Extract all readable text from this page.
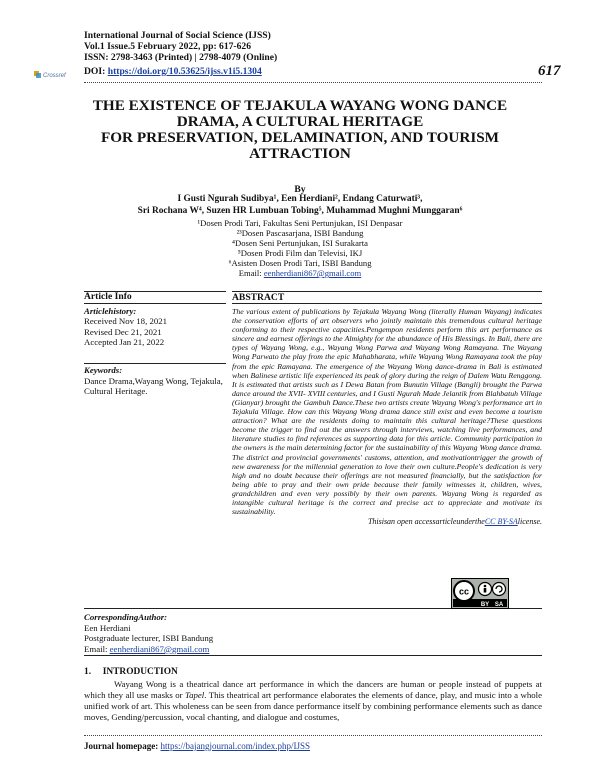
International Journal of Social Science (IJSS)
Vol.1 Issue.5 February 2022, pp: 617-626
ISSN: 2798-3463 (Printed) | 2798-4079 (Online)
Crossref DOI: https://doi.org/10.53625/ijss.v1i5.1304	617
THE EXISTENCE OF TEJAKULA WAYANG WONG DANCE
DRAMA, A CULTURAL HERITAGE
FOR PRESERVATION, DELAMINATION, AND TOURISM
ATTRACTION
By
I Gusti Ngurah Sudibya¹, Een Herdiani², Endang Caturwati³,
Sri Rochana W⁴, Suzen HR Lumbuan Tobing⁵, Muhammad Mughni Munggaran⁶
¹Dosen Prodi Tari, Fakultas Seni Pertunjukan, ISI Denpasar
²³Dosen Pascasarjana, ISBI Bandung
⁴Dosen Seni Pertunjukan, ISI Surakarta
⁵Dosen Prodi Film dan Televisi, IKJ
⁶Asisten Dosen Prodi Tari, ISBI Bandung
Email: eenherdiani867@gmail.com
Article Info
Articlehistory:
Received Nov 18, 2021
Revised Dec 21, 2021
Accepted Jan 21, 2022
Keywords:
Dance Drama,Wayang Wong, Tejakula, Cultural Heritage.
ABSTRACT
The various extent of publications by Tejakula Wayang Wong (literally Human Wayang) indicates the conservation efforts of art observers who jointly maintain this tremendous cultural heritage conforming to their respective capacities.Pengempon residents perform this art performance as sincere and earnest offerings to the Almighty for the abundance of His Blessings. In Bali, there are types of Wayang Wong, e.g., Wayang Wong Parwa and Wayang Wong Ramayana. The Wayang Wong Parwato the play from the epic Mahabharata, while Wayang Wong Ramayana took the play from the epic Ramayana. The emergence of the Wayang Wong dance-drama in Bali is estimated when Balinese artistic life experienced its peak of glory during the reign of Dalem Watu Renggong. It is estimated that artists such as I Dewa Batan from Bunutin Village (Bangli) brought the Parwa dance around the XVII- XVIII centuries, and I Gusti Ngurah Made Jelantik from Blahbatuh Village (Gianyar) brought the Gambuh Dance.These two artists create Wayang Wong's performance art in Tejakula Village. How can this Wayang Wong drama dance still exist and even become a tourism attraction? What are the residents doing to maintain this cultural heritage?These questions become the trigger to find out the answers through interviews, watching live performances, and literature studies to find references as supporting data for this article. Community participation in the owners is the main determining factor for the sustainability of this Wayang Wong dance drama. The district and provincial governments' customs, attention, and motivationtrigger the growth of new awareness for the millennial generation to love their own culture.People's dedication is very high and no doubt because their offerings are not measured financially, but the satisfaction for being able to pray and their own pride because their family witnesses it, children, wives, grandchildren and even very possibly by their own parents. Wayang Wong is regarded as intangible cultural heritage is the correct and precise act to appreciate and motivate its sustainability.
Thisisan open accessarticleundertheCC BY-SAlicense.
cc
BY SA
CorrespondingAuthor:
Een Herdiani
Postgraduate lecturer, ISBI Bandung
Email: eenherdiani867@gmail.com
1.     INTRODUCTION
Wayang Wong is a theatrical dance art performance in which the dancers are human or people instead of puppets at which they all use masks or Tapel. This theatrical art performance elaborates the elements of dance, play, and music into a whole unified work of art. This wholeness can be seen from dance performance itself by combining performance elements such as dance moves, Gending/percussion, vocal chanting, and dialogue and costumes,
Journal homepage: https://bajangjournal.com/index.php/IJSS
